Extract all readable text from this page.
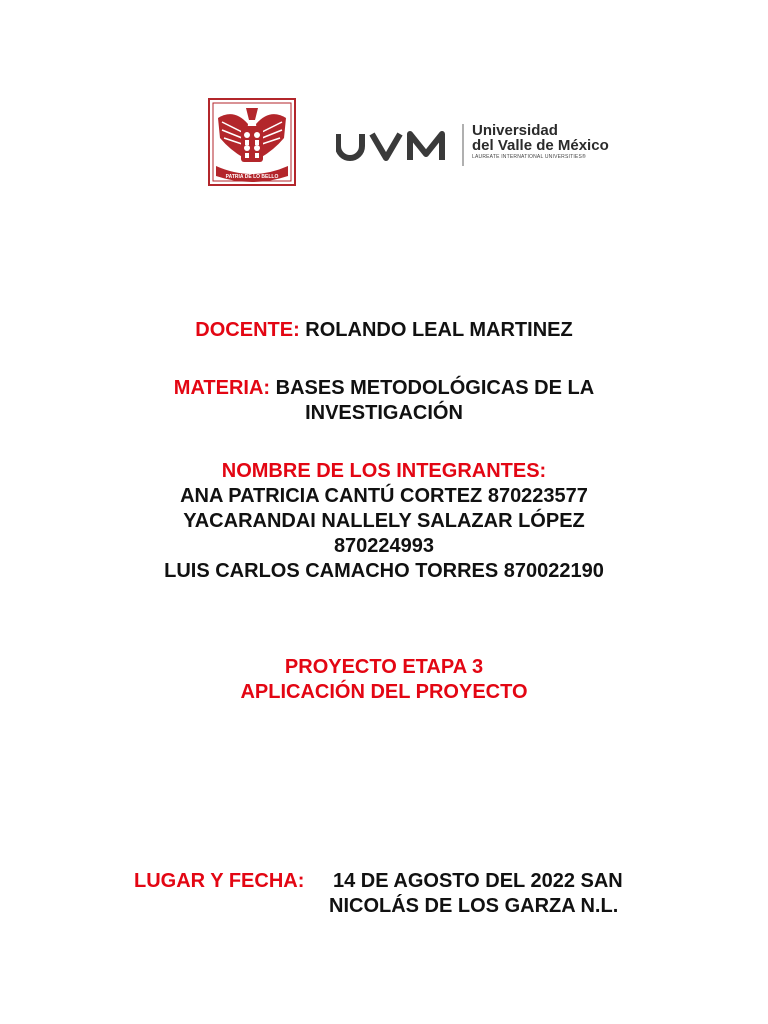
PATRIA DE LO BELLO
Universidad
del Valle de México
LAUREATE INTERNATIONAL UNIVERSITIES®
DOCENTE: ROLANDO LEAL MARTINEZ
MATERIA: BASES METODOLÓGICAS DE LA
INVESTIGACIÓN
NOMBRE DE LOS INTEGRANTES:
ANA PATRICIA CANTÚ CORTEZ 870223577
YACARANDAI NALLELY SALAZAR LÓPEZ
870224993
LUIS CARLOS CAMACHO TORRES 870022190
PROYECTO ETAPA 3
APLICACIÓN DEL PROYECTO
LUGAR Y FECHA: 14 DE AGOSTO DEL 2022 SAN
NICOLÁS DE LOS GARZA N.L.
